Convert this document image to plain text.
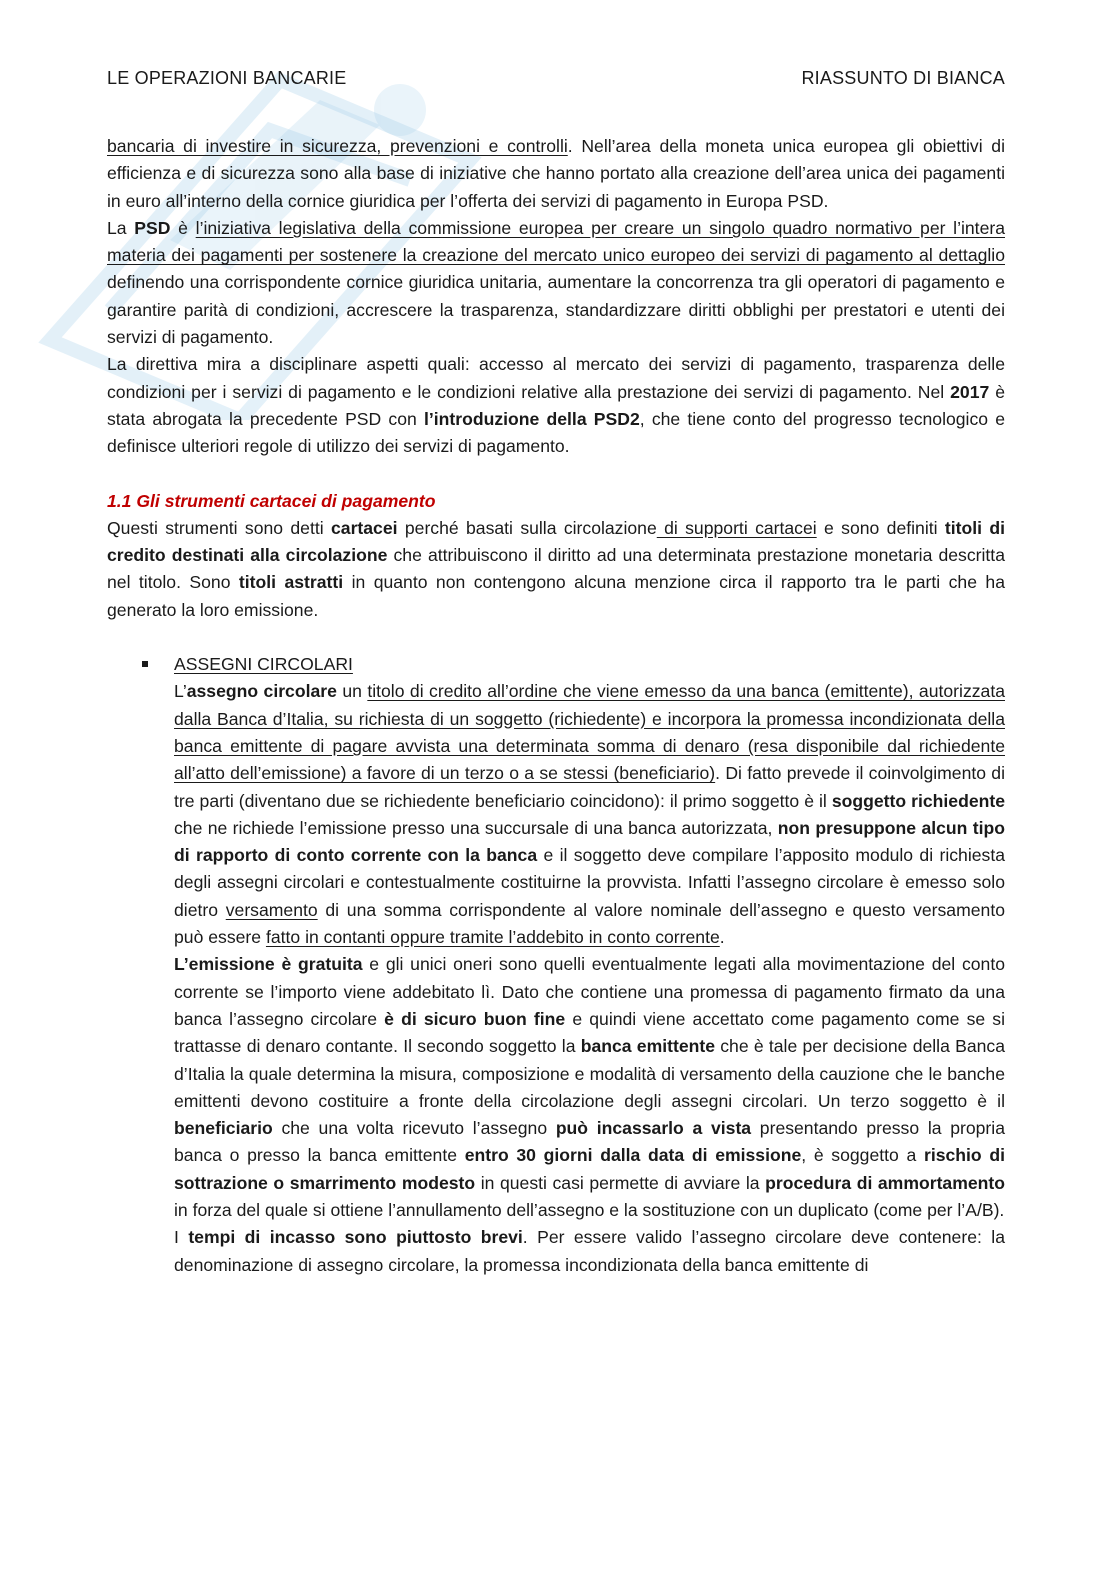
LE OPERAZIONI BANCARIE	RIASSUNTO DI BIANCA

bancaria di investire in sicurezza, prevenzioni e controlli. Nell’area della moneta unica europea gli obiettivi di efficienza e di sicurezza sono alla base di iniziative che hanno portato alla creazione dell’area unica dei pagamenti in euro all’interno della cornice giuridica per l’offerta dei servizi di pagamento in Europa PSD.

La PSD è l’iniziativa legislativa della commissione europea per creare un singolo quadro normativo per l’intera materia dei pagamenti per sostenere la creazione del mercato unico europeo dei servizi di pagamento al dettaglio definendo una corrispondente cornice giuridica unitaria, aumentare la concorrenza tra gli operatori di pagamento e garantire parità di condizioni, accrescere la trasparenza, standardizzare diritti obblighi per prestatori e utenti dei servizi di pagamento.

La direttiva mira a disciplinare aspetti quali: accesso al mercato dei servizi di pagamento, trasparenza delle condizioni per i servizi di pagamento e le condizioni relative alla prestazione dei servizi di pagamento. Nel 2017 è stata abrogata la precedente PSD con l’introduzione della PSD2, che tiene conto del progresso tecnologico e definisce ulteriori regole di utilizzo dei servizi di pagamento.

1.1 Gli strumenti cartacei di pagamento

Questi strumenti sono detti cartacei perché basati sulla circolazione di supporti cartacei e sono definiti titoli di credito destinati alla circolazione che attribuiscono il diritto ad una determinata prestazione monetaria descritta nel titolo. Sono titoli astratti in quanto non contengono alcuna menzione circa il rapporto tra le parti che ha generato la loro emissione.

ASSEGNI CIRCOLARI

L’assegno circolare un titolo di credito all’ordine che viene emesso da una banca (emittente), autorizzata dalla Banca d’Italia, su richiesta di un soggetto (richiedente) e incorpora la promessa incondizionata della banca emittente di pagare avvista una determinata somma di denaro (resa disponibile dal richiedente all’atto dell’emissione) a favore di un terzo o a se stessi (beneficiario). Di fatto prevede il coinvolgimento di tre parti (diventano due se richiedente beneficiario coincidono): il primo soggetto è il soggetto richiedente che ne richiede l’emissione presso una succursale di una banca autorizzata, non presuppone alcun tipo di rapporto di conto corrente con la banca e il soggetto deve compilare l’apposito modulo di richiesta degli assegni circolari e contestualmente costituirne la provvista. Infatti l’assegno circolare è emesso solo dietro versamento di una somma corrispondente al valore nominale dell’assegno e questo versamento può essere fatto in contanti oppure tramite l’addebito in conto corrente.

L’emissione è gratuita e gli unici oneri sono quelli eventualmente legati alla movimentazione del conto corrente se l’importo viene addebitato lì. Dato che contiene una promessa di pagamento firmato da una banca l’assegno circolare è di sicuro buon fine e quindi viene accettato come pagamento come se si trattasse di denaro contante. Il secondo soggetto la banca emittente che è tale per decisione della Banca d’Italia la quale determina la misura, composizione e modalità di versamento della cauzione che le banche emittenti devono costituire a fronte della circolazione degli assegni circolari. Un terzo soggetto è il beneficiario che una volta ricevuto l’assegno può incassarlo a vista presentando presso la propria banca o presso la banca emittente entro 30 giorni dalla data di emissione, è soggetto a rischio di sottrazione o smarrimento modesto in questi casi permette di avviare la procedura di ammortamento in forza del quale si ottiene l’annullamento dell’assegno e la sostituzione con un duplicato (come per l’A/B).

I tempi di incasso sono piuttosto brevi. Per essere valido l’assegno circolare deve contenere: la denominazione di assegno circolare, la promessa incondizionata della banca emittente di
